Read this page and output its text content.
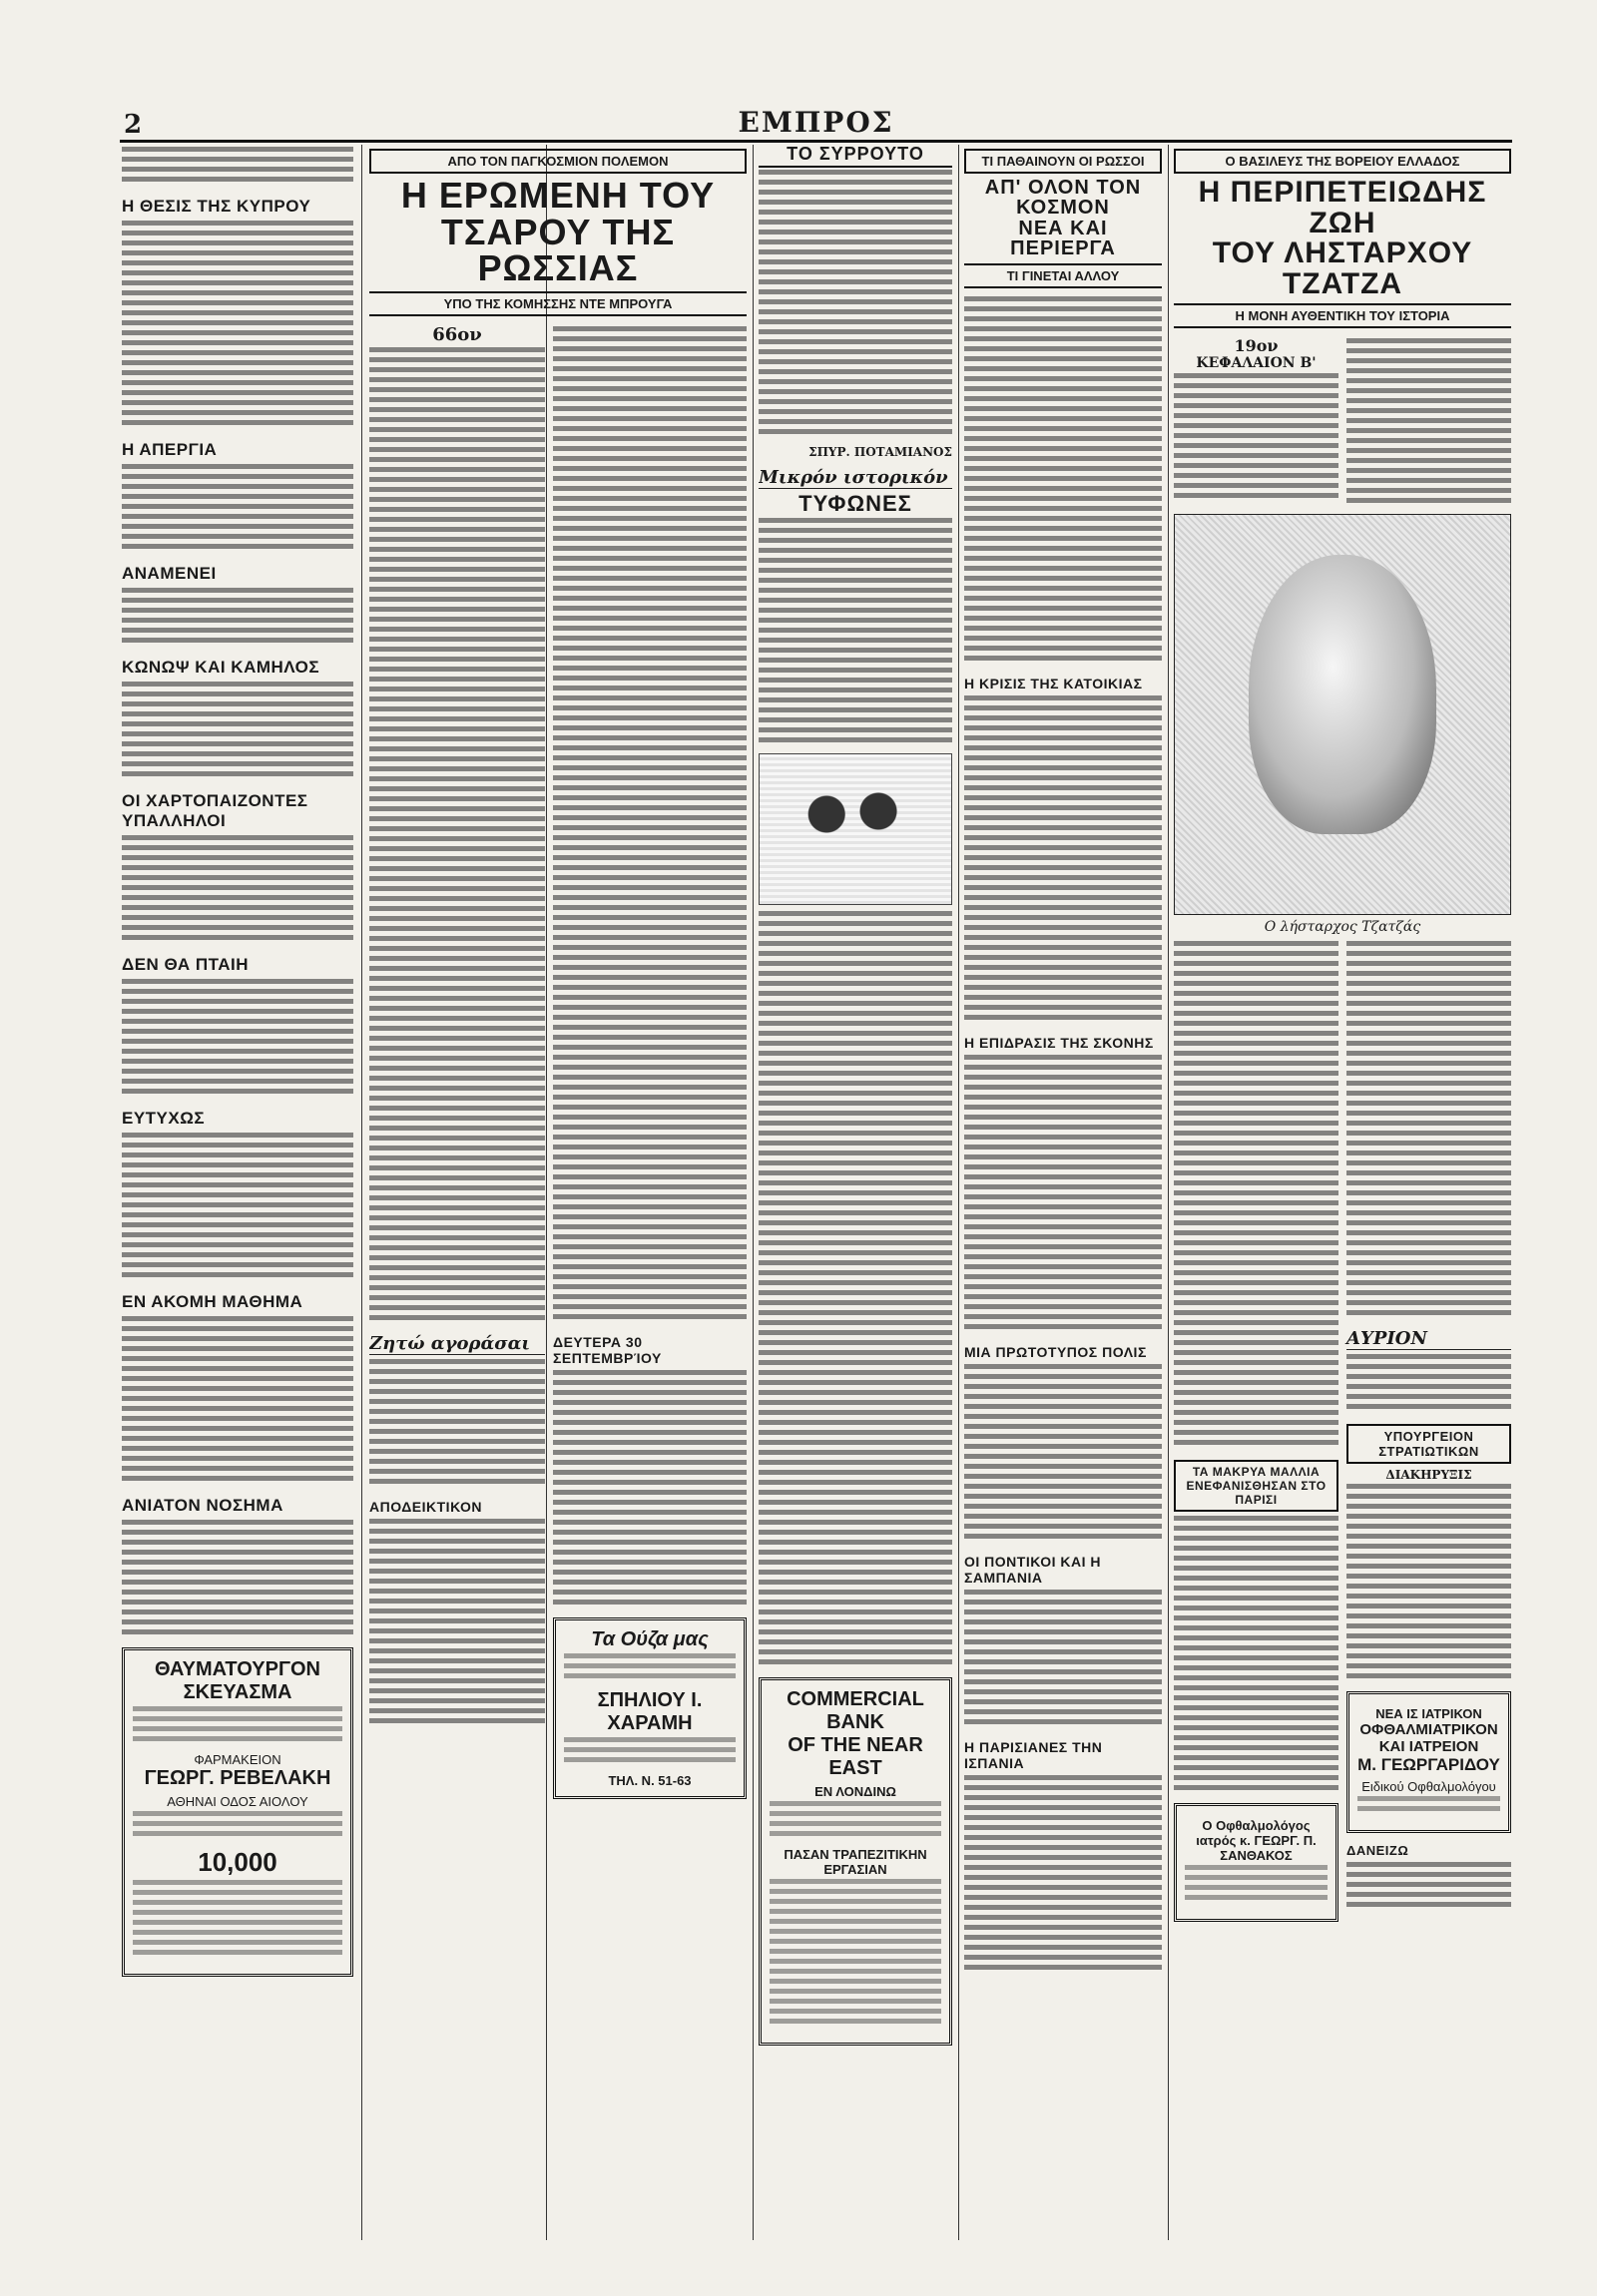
2	ΕΜΠΡΟΣ
Η ΘΕΣΙΣ ΤΗΣ ΚΥΠΡΟΥ
Η ΑΠΕΡΓΙΑ
ΑΝΑΜΕΝΕΙ
ΚΩΝΩΨ ΚΑΙ ΚΑΜΗΛΟΣ
ΟΙ ΧΑΡΤΟΠΑΙΖΟΝΤΕΣ ΥΠΑΛΛΗΛΟΙ
ΔΕΝ ΘΑ ΠΤΑΙΗ
ΕΥΤΥΧΩΣ
ΕΝ ΑΚΟΜΗ ΜΑΘΗΜΑ
ΑΝΙΑΤΟΝ ΝΟΣΗΜΑ
ΘΑΥΜΑΤΟΥΡΓΟΝ ΣΚΕΥΑΣΜΑ
ΦΑΡΜΑΚΕΙΟΝ
ΓΕΩΡΓ. ΡΕΒΕΛΑΚΗ
ΑΘΗΝΑΙ ΟΔΟΣ ΑΙΟΛΟΥ
10,000
ΑΠΟ ΤΟΝ ΠΑΓΚΟΣΜΙΟΝ ΠΟΛΕΜΟΝ
Η ΕΡΩΜΕΝΗ ΤΟΥ
ΤΣΑΡΟΥ ΤΗΣ ΡΩΣΣΙΑΣ
ΥΠΟ ΤΗΣ ΚΟΜΗΣΣΗΣ ΝΤΕ ΜΠΡΟΥΓΑ
66ον
Ζητώ αγοράσαι
ΑΠΟΔΕΙΚΤΙΚΟΝ
ΔΕΥΤΕΡΑ 30 ΣΕΠΤΕΜΒΡΊΟΥ
Τα Ούζα μας
ΣΠΗΛΙΟΥ Ι. ΧΑΡΑΜΗ
ΤΗΛ. Ν. 51-63
ΤΟ ΣΥΡΡΟΥΤΟ
ΣΠΥΡ. ΠΟΤΑΜΙΑΝΟΣ
Μικρόν ιστορικόν
ΤΥΦΩΝΕΣ
COMMERCIAL BANK
OF THE NEAR EAST
ΕΝ ΛΟΝΔΙΝΩ
ΠΑΣΑΝ ΤΡΑΠΕΖΙΤΙΚΗΝ ΕΡΓΑΣΙΑΝ
ΤΙ ΠΑΘΑΙΝΟΥΝ ΟΙ ΡΩΣΣΟΙ
ΑΠ' ΟΛΟΝ ΤΟΝ ΚΟΣΜΟΝ
ΝΕΑ ΚΑΙ ΠΕΡΙΕΡΓΑ
ΤΙ ΓΙΝΕΤΑΙ ΑΛΛΟΥ
Η ΚΡΙΣΙΣ ΤΗΣ ΚΑΤΟΙΚΙΑΣ
Η ΕΠΙΔΡΑΣΙΣ ΤΗΣ ΣΚΟΝΗΣ
ΜΙΑ ΠΡΩΤΟΤΥΠΟΣ ΠΟΛΙΣ
ΟΙ ΠΟΝΤΙΚΟΙ ΚΑΙ Η ΣΑΜΠΑΝΙΑ
Η ΠΑΡΙΣΙΑΝΕΣ ΤΗΝ ΙΣΠΑΝΙΑ
Ο ΒΑΣΙΛΕΥΣ ΤΗΣ ΒΟΡΕΙΟΥ ΕΛΛΑΔΟΣ
Η ΠΕΡΙΠΕΤΕΙΩΔΗΣ ΖΩΗ
ΤΟΥ ΛΗΣΤΑΡΧΟΥ ΤΖΑΤΖΑ
Η ΜΟΝΗ ΑΥΘΕΝΤΙΚΗ ΤΟΥ ΙΣΤΟΡΙΑ
19ον
ΚΕΦΑΛΑΙΟΝ Β'
Ο λήσταρχος Τζατζάς
ΤΑ ΜΑΚΡΥΑ ΜΑΛΛΙΑ ΕΝΕΦΑΝΙΣΘΗΣΑΝ ΣΤΟ ΠΑΡΙΣΙ
Ο Οφθαλμολόγος ιατρός κ. ΓΕΩΡΓ. Π. ΣΑΝΘΑΚΟΣ
ΑΥΡΙΟΝ
ΥΠΟΥΡΓΕΙΟΝ ΣΤΡΑΤΙΩΤΙΚΩΝ
ΔΙΑΚΗΡΥΞΙΣ
ΝΕΑ ΙΣ ΙΑΤΡΙΚΟΝ
ΟΦΘΑΛΜΙΑΤΡΙΚΟΝ ΚΑΙ ΙΑΤΡΕΙΟΝ
Μ. ΓΕΩΡΓΑΡΙΔΟΥ
Ειδικού Οφθαλμολόγου
ΔΑΝΕΙΖΩ
